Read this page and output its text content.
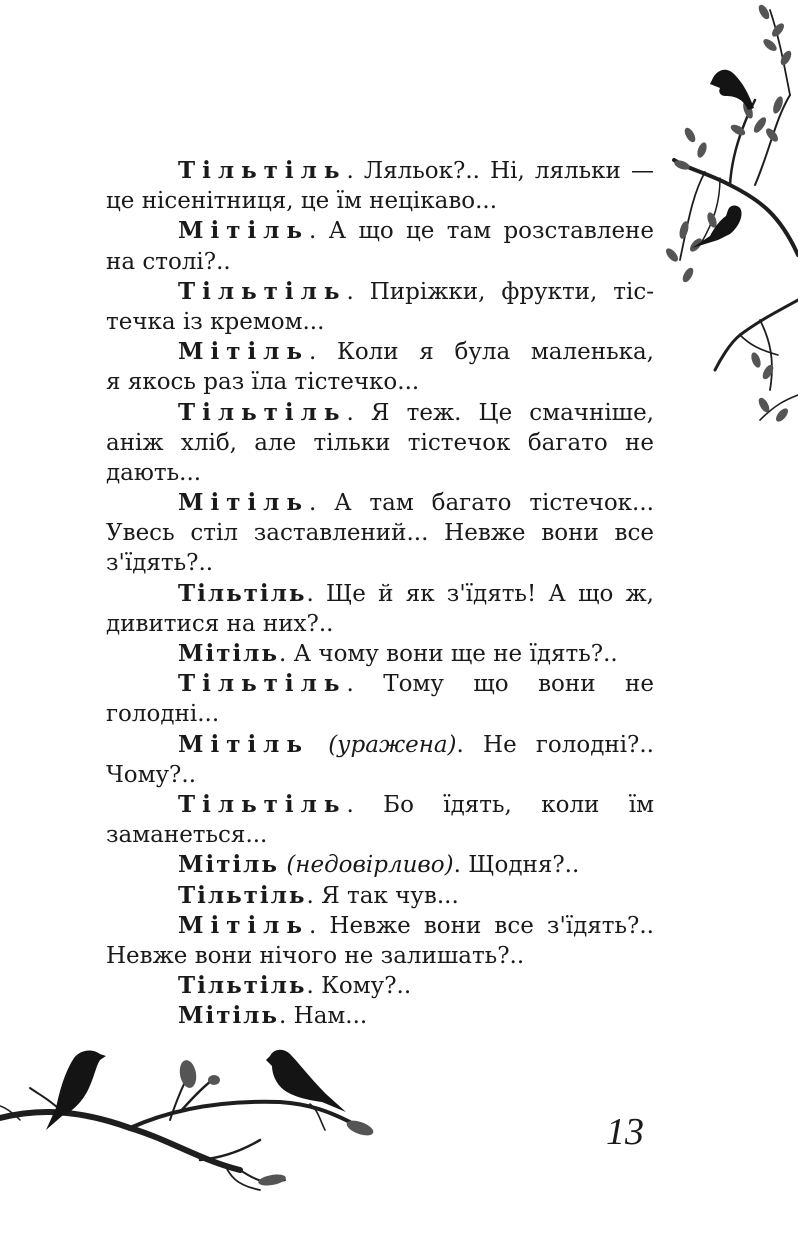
Тільтіль. Ляльок?.. Ні, ляльки —
це нісенітниця, це їм нецікаво...
Мітіль. А що це там розставлене
на столі?..
Тільтіль. Пиріжки, фрукти, тіс-
течка із кремом...
Мітіль. Коли я була маленька,
я якось раз їла тістечко...
Тільтіль. Я теж. Це смачніше,
аніж хліб, але тільки тістечок багато не
дають...
Мітіль. А там багато тістечок...
Увесь стіл заставлений... Невже вони все
з'їдять?..
Тільтіль. Ще й як з'їдять! А що ж,
дивитися на них?..
Мітіль. А чому вони ще не їдять?..
Тільтіль. Тому що вони не
голодні...
Мітіль (уражена). Не голодні?..
Чому?..
Тільтіль. Бо їдять, коли їм
заманеться...
Мітіль (недовірливо). Щодня?..
Тільтіль. Я так чув...
Мітіль. Невже вони все з'їдять?..
Невже вони нічого не залишать?..
Тільтіль. Кому?..
Мітіль. Нам...
13
